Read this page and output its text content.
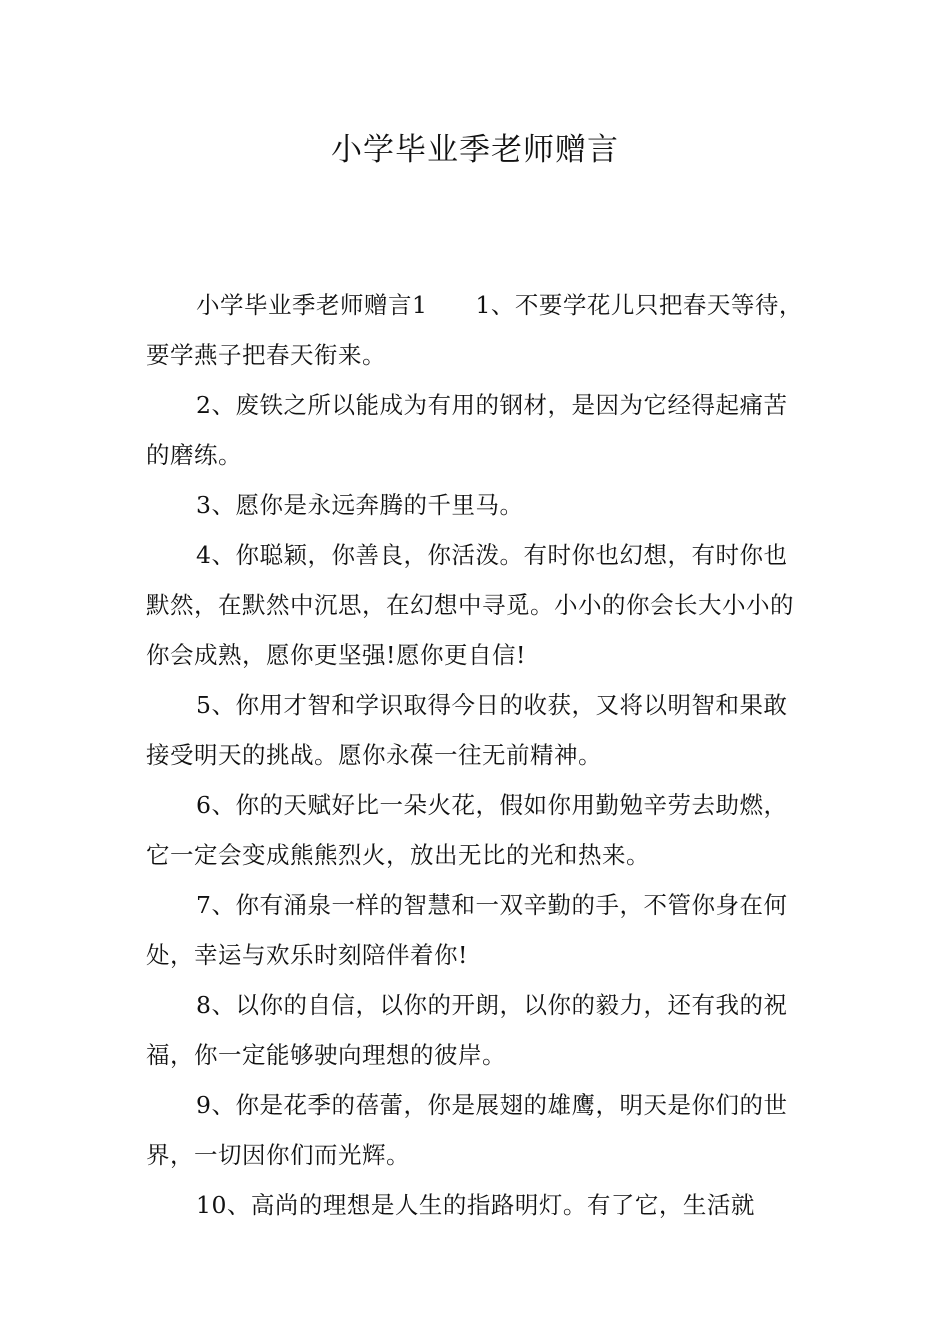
小学毕业季老师赠言

小学毕业季老师赠言1　　1、不要学花儿只把春天等待，要学燕子把春天衔来。

2、废铁之所以能成为有用的钢材，是因为它经得起痛苦的磨练。

3、愿你是永远奔腾的千里马。

4、你聪颖，你善良，你活泼。有时你也幻想，有时你也默然，在默然中沉思，在幻想中寻觅。小小的你会长大小小的你会成熟，愿你更坚强!愿你更自信!

5、你用才智和学识取得今日的收获，又将以明智和果敢接受明天的挑战。愿你永葆一往无前精神。

6、你的天赋好比一朵火花，假如你用勤勉辛劳去助燃，它一定会变成熊熊烈火，放出无比的光和热来。

7、你有涌泉一样的智慧和一双辛勤的手，不管你身在何处，幸运与欢乐时刻陪伴着你!

8、以你的自信，以你的开朗，以你的毅力，还有我的祝福，你一定能够驶向理想的彼岸。

9、你是花季的蓓蕾，你是展翅的雄鹰，明天是你们的世界，一切因你们而光辉。

10、高尚的理想是人生的指路明灯。有了它，生活就
